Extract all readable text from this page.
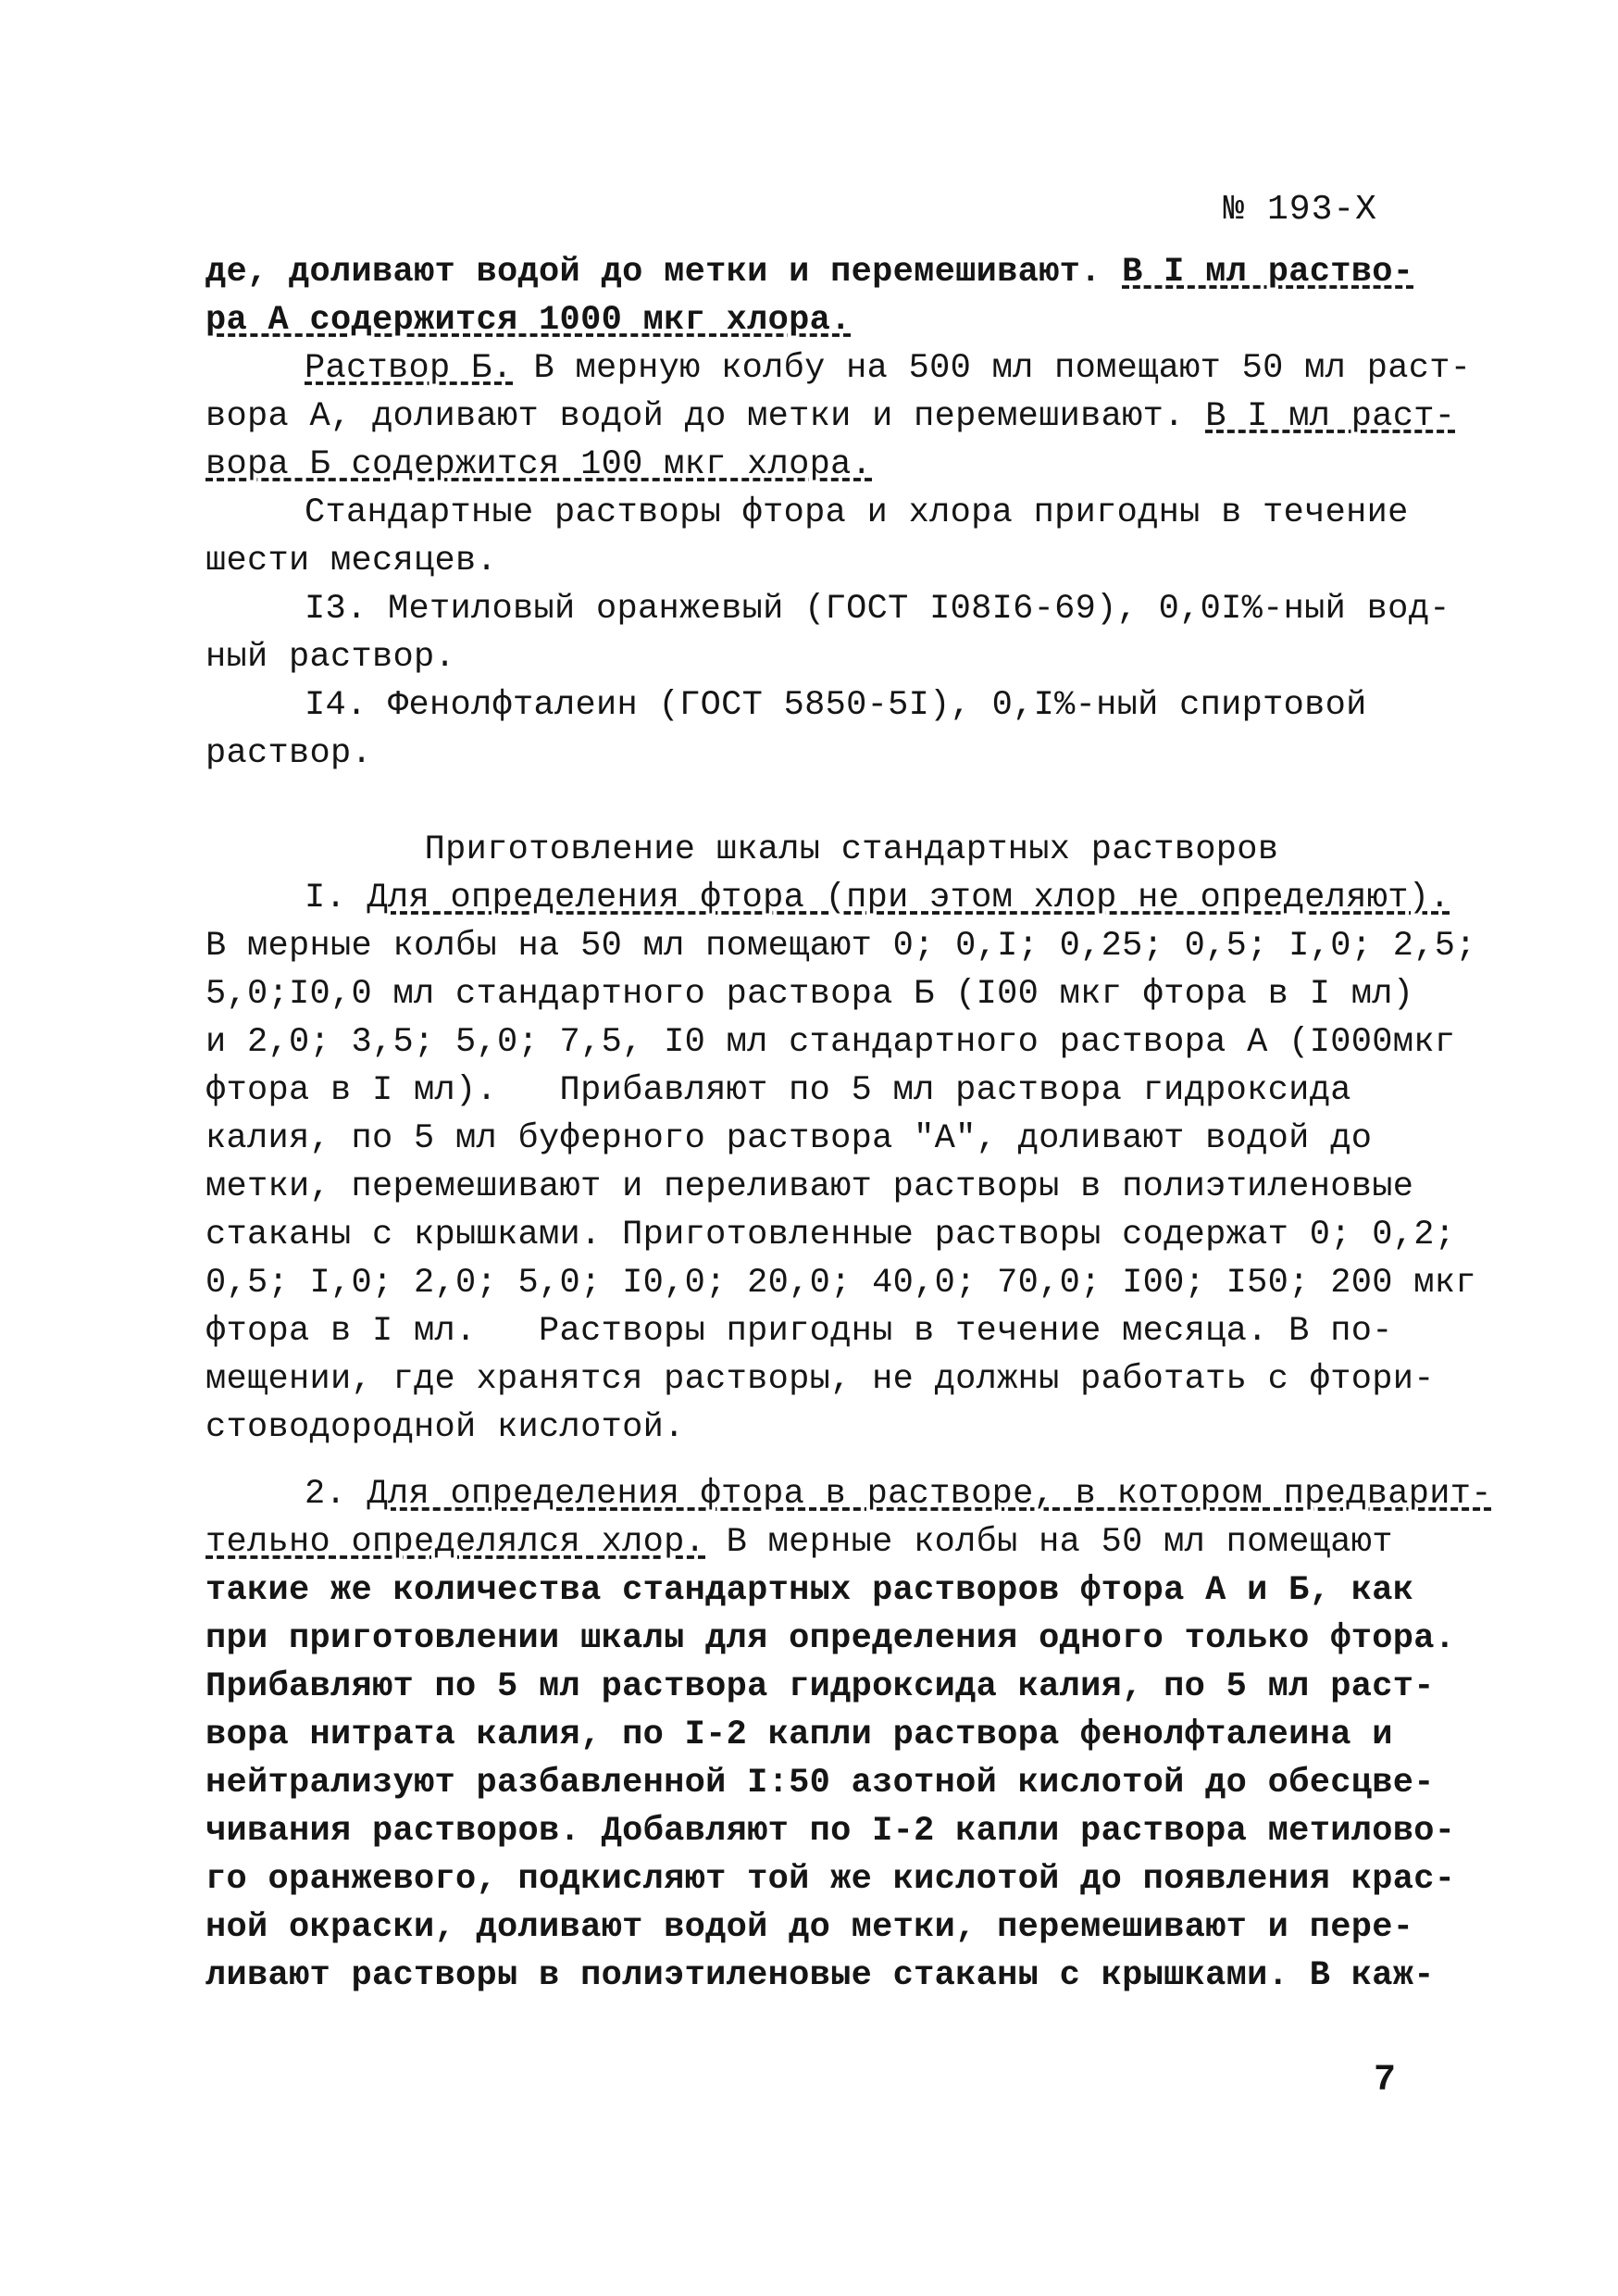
№ 193-Х
де, доливают водой до метки и перемешивают. В I мл раство-
ра А содержится 1000 мкг хлора.
Раствор Б. В мерную колбу на 500 мл помещают 50 мл раст-
вора А, доливают водой до метки и перемешивают. В I мл раст-
вора Б содержится 100 мкг хлора.
Стандартные растворы фтора и хлора пригодны в течение
шести месяцев.
I3. Метиловый оранжевый (ГОСТ I08I6-69), 0,0I%-ный вод-
ный раствор.
I4. Фенолфталеин (ГОСТ 5850-5I), 0,I%-ный спиртовой
раствор.
Приготовление шкалы стандартных растворов
I. Для определения фтора (при этом хлор не определяют).
В мерные колбы на 50 мл помещают 0; 0,I; 0,25; 0,5; I,0; 2,5;
5,0;I0,0 мл стандартного раствора Б (I00 мкг фтора в I мл)
и 2,0; 3,5; 5,0; 7,5, I0 мл стандартного раствора А (I000мкг
фтора в I мл).   Прибавляют по 5 мл раствора гидроксида
калия, по 5 мл буферного раствора "А", доливают водой до
метки, перемешивают и переливают растворы в полиэтиленовые
стаканы с крышками. Приготовленные растворы содержат 0; 0,2;
0,5; I,0; 2,0; 5,0; I0,0; 20,0; 40,0; 70,0; I00; I50; 200 мкг
фтора в I мл.   Растворы пригодны в течение месяца. В по-
мещении, где хранятся растворы, не должны работать с фтори-
стоводородной кислотой.
2. Для определения фтора в растворе, в котором предварит-
тельно определялся хлор. В мерные колбы на 50 мл помещают
такие же количества стандартных растворов фтора А и Б, как
при приготовлении шкалы для определения одного только фтора.
Прибавляют по 5 мл раствора гидроксида калия, по 5 мл раст-
вора нитрата калия, по I-2 капли раствора фенолфталеина и
нейтрализуют разбавленной I:50 азотной кислотой до обесцве-
чивания растворов. Добавляют по I-2 капли раствора метилово-
го оранжевого, подкисляют той же кислотой до появления крас-
ной окраски, доливают водой до метки, перемешивают и пере-
ливают растворы в полиэтиленовые стаканы с крышками. В каж-
7
